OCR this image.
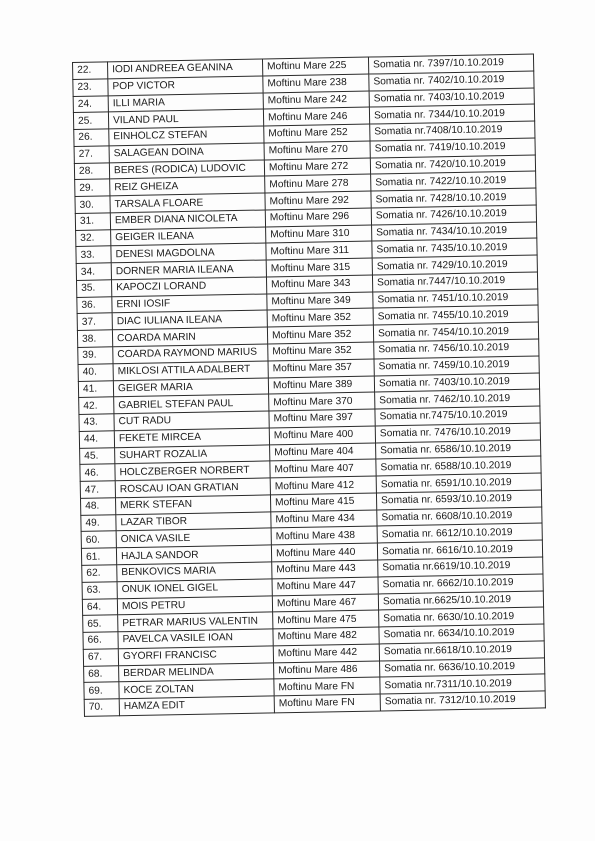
22.	IODI ANDREEA GEANINA	Moftinu Mare 225	Somatia nr. 7397/10.10.2019
23.	POP VICTOR	Moftinu Mare 238	Somatia nr. 7402/10.10.2019
24.	ILLI MARIA	Moftinu Mare 242	Somatia nr. 7403/10.10.2019
25.	VILAND PAUL	Moftinu Mare 246	Somatia nr. 7344/10.10.2019
26.	EINHOLCZ STEFAN	Moftinu Mare 252	Somatia nr.7408/10.10.2019
27.	SALAGEAN DOINA	Moftinu Mare 270	Somatia nr. 7419/10.10.2019
28.	BERES (RODICA) LUDOVIC	Moftinu Mare 272	Somatia nr. 7420/10.10.2019
29.	REIZ GHEIZA	Moftinu Mare 278	Somatia nr. 7422/10.10.2019
30.	TARSALA FLOARE	Moftinu Mare 292	Somatia nr. 7428/10.10.2019
31.	EMBER DIANA NICOLETA	Moftinu Mare 296	Somatia nr. 7426/10.10.2019
32.	GEIGER ILEANA	Moftinu Mare 310	Somatia nr. 7434/10.10.2019
33.	DENESI MAGDOLNA	Moftinu Mare 311	Somatia nr. 7435/10.10.2019
34.	DORNER MARIA ILEANA	Moftinu Mare 315	Somatia nr. 7429/10.10.2019
35.	KAPOCZI LORAND	Moftinu Mare 343	Somatia nr.7447/10.10.2019
36.	ERNI IOSIF	Moftinu Mare 349	Somatia nr. 7451/10.10.2019
37.	DIAC IULIANA ILEANA	Moftinu Mare 352	Somatia nr. 7455/10.10.2019
38.	COARDA MARIN	Moftinu Mare 352	Somatia nr. 7454/10.10.2019
39.	COARDA RAYMOND MARIUS	Moftinu Mare 352	Somatia nr. 7456/10.10.2019
40.	MIKLOSI ATTILA ADALBERT	Moftinu Mare 357	Somatia nr. 7459/10.10.2019
41.	GEIGER MARIA	Moftinu Mare 389	Somatia nr. 7403/10.10.2019
42.	GABRIEL STEFAN PAUL	Moftinu Mare 370	Somatia nr. 7462/10.10.2019
43.	CUT RADU	Moftinu Mare 397	Somatia nr.7475/10.10.2019
44.	FEKETE MIRCEA	Moftinu Mare 400	Somatia nr. 7476/10.10.2019
45.	SUHART ROZALIA	Moftinu Mare 404	Somatia nr. 6586/10.10.2019
46.	HOLCZBERGER NORBERT	Moftinu Mare 407	Somatia nr. 6588/10.10.2019
47.	ROSCAU IOAN GRATIAN	Moftinu Mare 412	Somatia nr. 6591/10.10.2019
48.	MERK STEFAN	Moftinu Mare 415	Somatia nr. 6593/10.10.2019
49.	LAZAR TIBOR	Moftinu Mare 434	Somatia nr. 6608/10.10.2019
60.	ONICA VASILE	Moftinu Mare 438	Somatia nr. 6612/10.10.2019
61.	HAJLA SANDOR	Moftinu Mare 440	Somatia nr. 6616/10.10.2019
62.	BENKOVICS MARIA	Moftinu Mare 443	Somatia nr.6619/10.10.2019
63.	ONUK IONEL GIGEL	Moftinu Mare 447	Somatia nr. 6662/10.10.2019
64.	MOIS PETRU	Moftinu Mare 467	Somatia nr.6625/10.10.2019
65.	PETRAR MARIUS VALENTIN	Moftinu Mare 475	Somatia nr. 6630/10.10.2019
66.	PAVELCA VASILE IOAN	Moftinu Mare 482	Somatia nr. 6634/10.10.2019
67.	GYORFI FRANCISC	Moftinu Mare 442	Somatia nr.6618/10.10.2019
68.	BERDAR MELINDA	Moftinu Mare 486	Somatia nr. 6636/10.10.2019
69.	KOCE ZOLTAN	Moftinu Mare FN	Somatia nr.7311/10.10.2019
70.	HAMZA EDIT	Moftinu Mare FN	Somatia nr. 7312/10.10.2019
